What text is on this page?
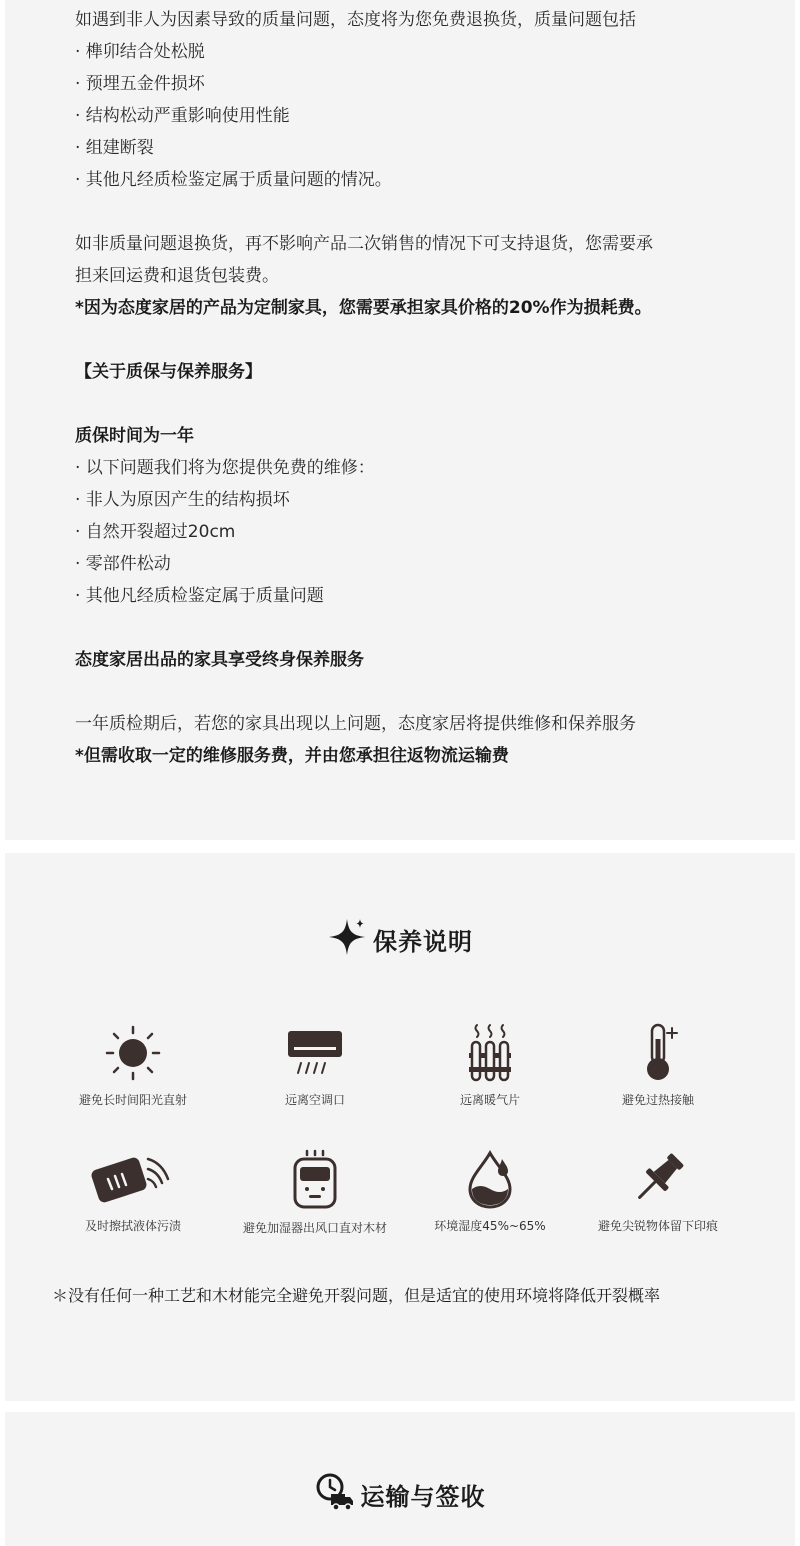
如遇到非人为因素导致的质量问题，态度将为您免费退换货，质量问题包括
· 榫卯结合处松脱
· 预埋五金件损坏
· 结构松动严重影响使用性能
· 组建断裂
· 其他凡经质检鉴定属于质量问题的情况。
如非质量问题退换货，再不影响产品二次销售的情况下可支持退货，您需要承
担来回运费和退货包装费。
*因为态度家居的产品为定制家具，您需要承担家具价格的20%作为损耗费。
【关于质保与保养服务】
质保时间为一年
· 以下问题我们将为您提供免费的维修：
· 非人为原因产生的结构损坏
· 自然开裂超过20cm
· 零部件松动
· 其他凡经质检鉴定属于质量问题
态度家居出品的家具享受终身保养服务
一年质检期后，若您的家具出现以上问题，态度家居将提供维修和保养服务
*但需收取一定的维修服务费，并由您承担往返物流运输费
保养说明
避免长时间阳光直射	远离空调口	远离暖气片	避免过热接触
及时擦拭液体污渍	避免加湿器出风口直对木材	环境湿度45%~65%	避免尖锐物体留下印痕
＊没有任何一种工艺和木材能完全避免开裂问题，但是适宜的使用环境将降低开裂概率
运输与签收
